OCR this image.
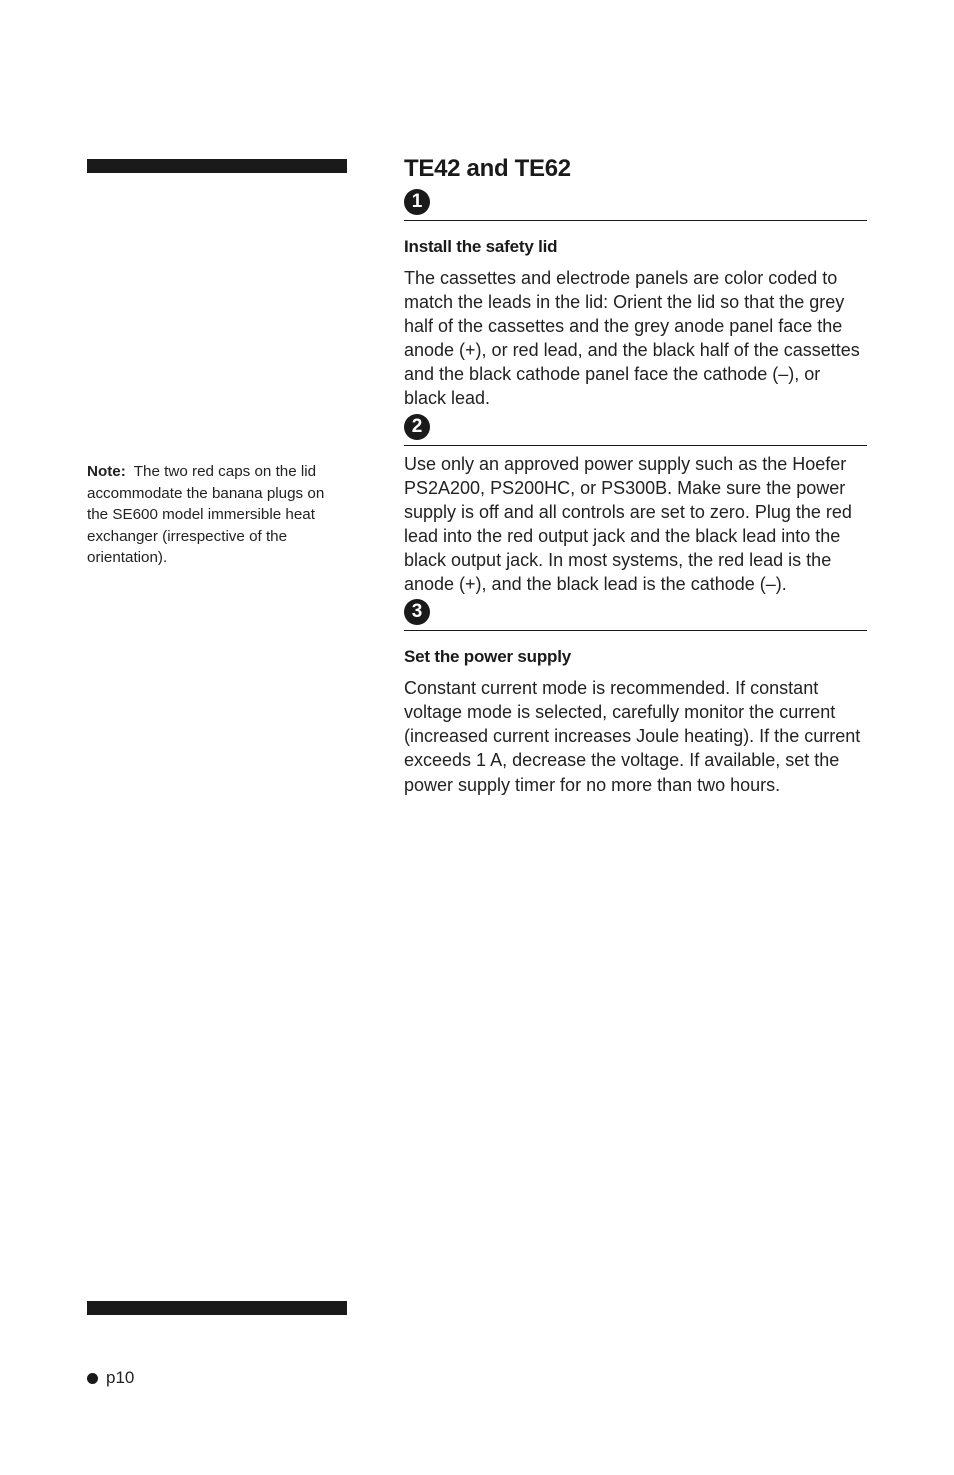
Note: The two red caps on the lid accommodate the banana plugs on the SE600 model immersible heat exchanger (irrespective of the orientation).
TE42 and TE62
1
Install the safety lid

The cassettes and electrode panels are color coded to match the leads in the lid: Orient the lid so that the grey half of the cassettes and the grey anode panel face the anode (+), or red lead, and the black half of the cassettes and the black cathode panel face the cathode (–), or black lead.

2

Use only an approved power supply such as the Hoefer PS2A200, PS200HC, or PS300B. Make sure the power supply is off and all controls are set to zero. Plug the red lead into the red output jack and the black lead into the black output jack. In most systems, the red lead is the anode (+), and the black lead is the cathode (–).

3
Set the power supply

Constant current mode is recommended. If constant voltage mode is selected, carefully monitor the current (increased current increases Joule heating). If the current exceeds 1 A, decrease the voltage. If available, set the power supply timer for no more than two hours.

p10
